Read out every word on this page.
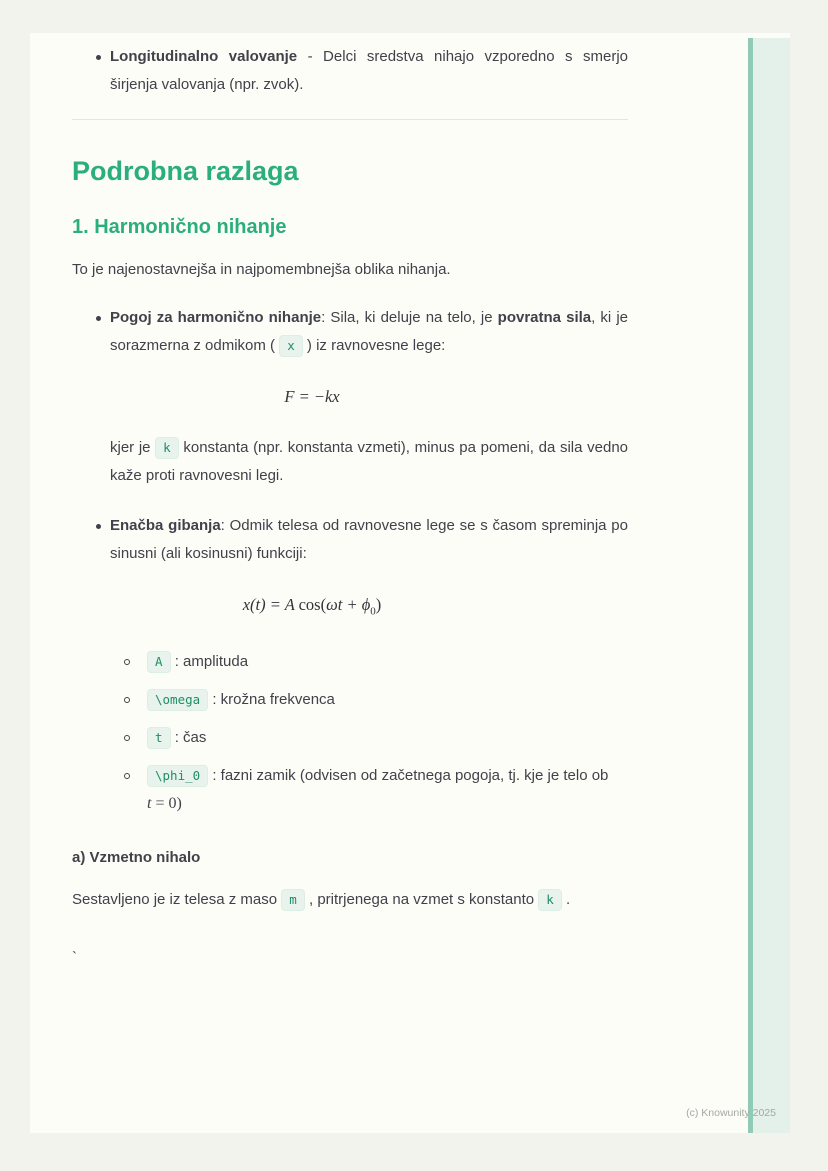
Longitudinalno valovanje - Delci sredstva nihajo vzporedno s smerjo širjenja valovanja (npr. zvok).
Podrobna razlaga
1. Harmonično nihanje

To je najenostavnejša in najpomembnejša oblika nihanja.

Pogoj za harmonično nihanje: Sila, ki deluje na telo, je povratna sila, ki je sorazmerna z odmikom ( x ) iz ravnovesne lege:
F = −kx

kjer je k konstanta (npr. konstanta vzmeti), minus pa pomeni, da sila vedno kaže proti ravnovesni legi.

Enačba gibanja: Odmik telesa od ravnovesne lege se s časom spreminja po sinusni (ali kosinusni) funkciji:
x(t) = A $\cos(\omega t + \phi_0)$
A : amplituda
\omega : krožna frekvenca
t : čas
\phi_0 : fazni zamik (odvisen od začetnega pogoja, tj. kje je telo ob
t = 0)

a) Vzmetno nihalo

Sestavljeno je iz telesa z maso m , pritrjenega na vzmet s konstanto k .

`

(c) Knowunity 2025
